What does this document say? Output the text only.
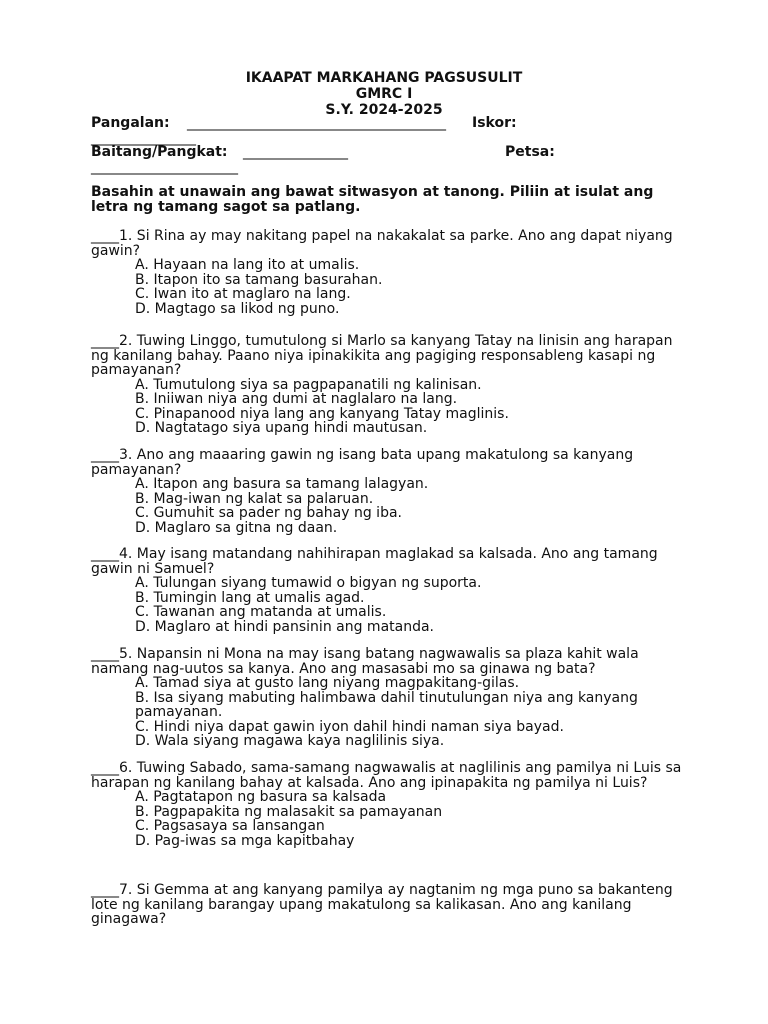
IKAAPAT MARKAHANG PAGSUSULIT
GMRC I
S.Y. 2024-2025
Pangalan: _____________________________________ Iskor:
_______________
Baitang/Pangkat: _______________	Petsa:
_____________________
Basahin at unawain ang bawat sitwasyon at tanong. Piliin at isulat ang letra ng tamang sagot sa patlang.
____1. Si Rina ay may nakitang papel na nakakalat sa parke. Ano ang dapat niyang gawin?
A. Hayaan na lang ito at umalis.
B. Itapon ito sa tamang basurahan.
C. Iwan ito at maglaro na lang.
D. Magtago sa likod ng puno.
____2. Tuwing Linggo, tumutulong si Marlo sa kanyang Tatay na linisin ang harapan ng kanilang bahay. Paano niya ipinakikita ang pagiging responsableng kasapi ng pamayanan?
A. Tumutulong siya sa pagpapanatili ng kalinisan.
B. Iniiwan niya ang dumi at naglalaro na lang.
C. Pinapanood niya lang ang kanyang Tatay maglinis.
D. Nagtatago siya upang hindi mautusan.
____3. Ano ang maaaring gawin ng isang bata upang makatulong sa kanyang pamayanan?
A. Itapon ang basura sa tamang lalagyan.
B. Mag-iwan ng kalat sa palaruan.
C. Gumuhit sa pader ng bahay ng iba.
D. Maglaro sa gitna ng daan.
____4. May isang matandang nahihirapan maglakad sa kalsada. Ano ang tamang gawin ni Samuel?
A. Tulungan siyang tumawid o bigyan ng suporta.
B. Tumingin lang at umalis agad.
C. Tawanan ang matanda at umalis.
D. Maglaro at hindi pansinin ang matanda.
____5. Napansin ni Mona na may isang batang nagwawalis sa plaza kahit wala namang nag-uutos sa kanya. Ano ang masasabi mo sa ginawa ng bata?
A. Tamad siya at gusto lang niyang magpakitang-gilas.
B. Isa siyang mabuting halimbawa dahil tinutulungan niya ang kanyang pamayanan.
C. Hindi niya dapat gawin iyon dahil hindi naman siya bayad.
D. Wala siyang magawa kaya naglilinis siya.
____6. Tuwing Sabado, sama-samang nagwawalis at naglilinis ang pamilya ni Luis sa harapan ng kanilang bahay at kalsada. Ano ang ipinapakita ng pamilya ni Luis?
A. Pagtatapon ng basura sa kalsada
B. Pagpapakita ng malasakit sa pamayanan
C. Pagsasaya sa lansangan
D. Pag-iwas sa mga kapitbahay
____7. Si Gemma at ang kanyang pamilya ay nagtanim ng mga puno sa bakanteng lote ng kanilang barangay upang makatulong sa kalikasan. Ano ang kanilang ginagawa?
